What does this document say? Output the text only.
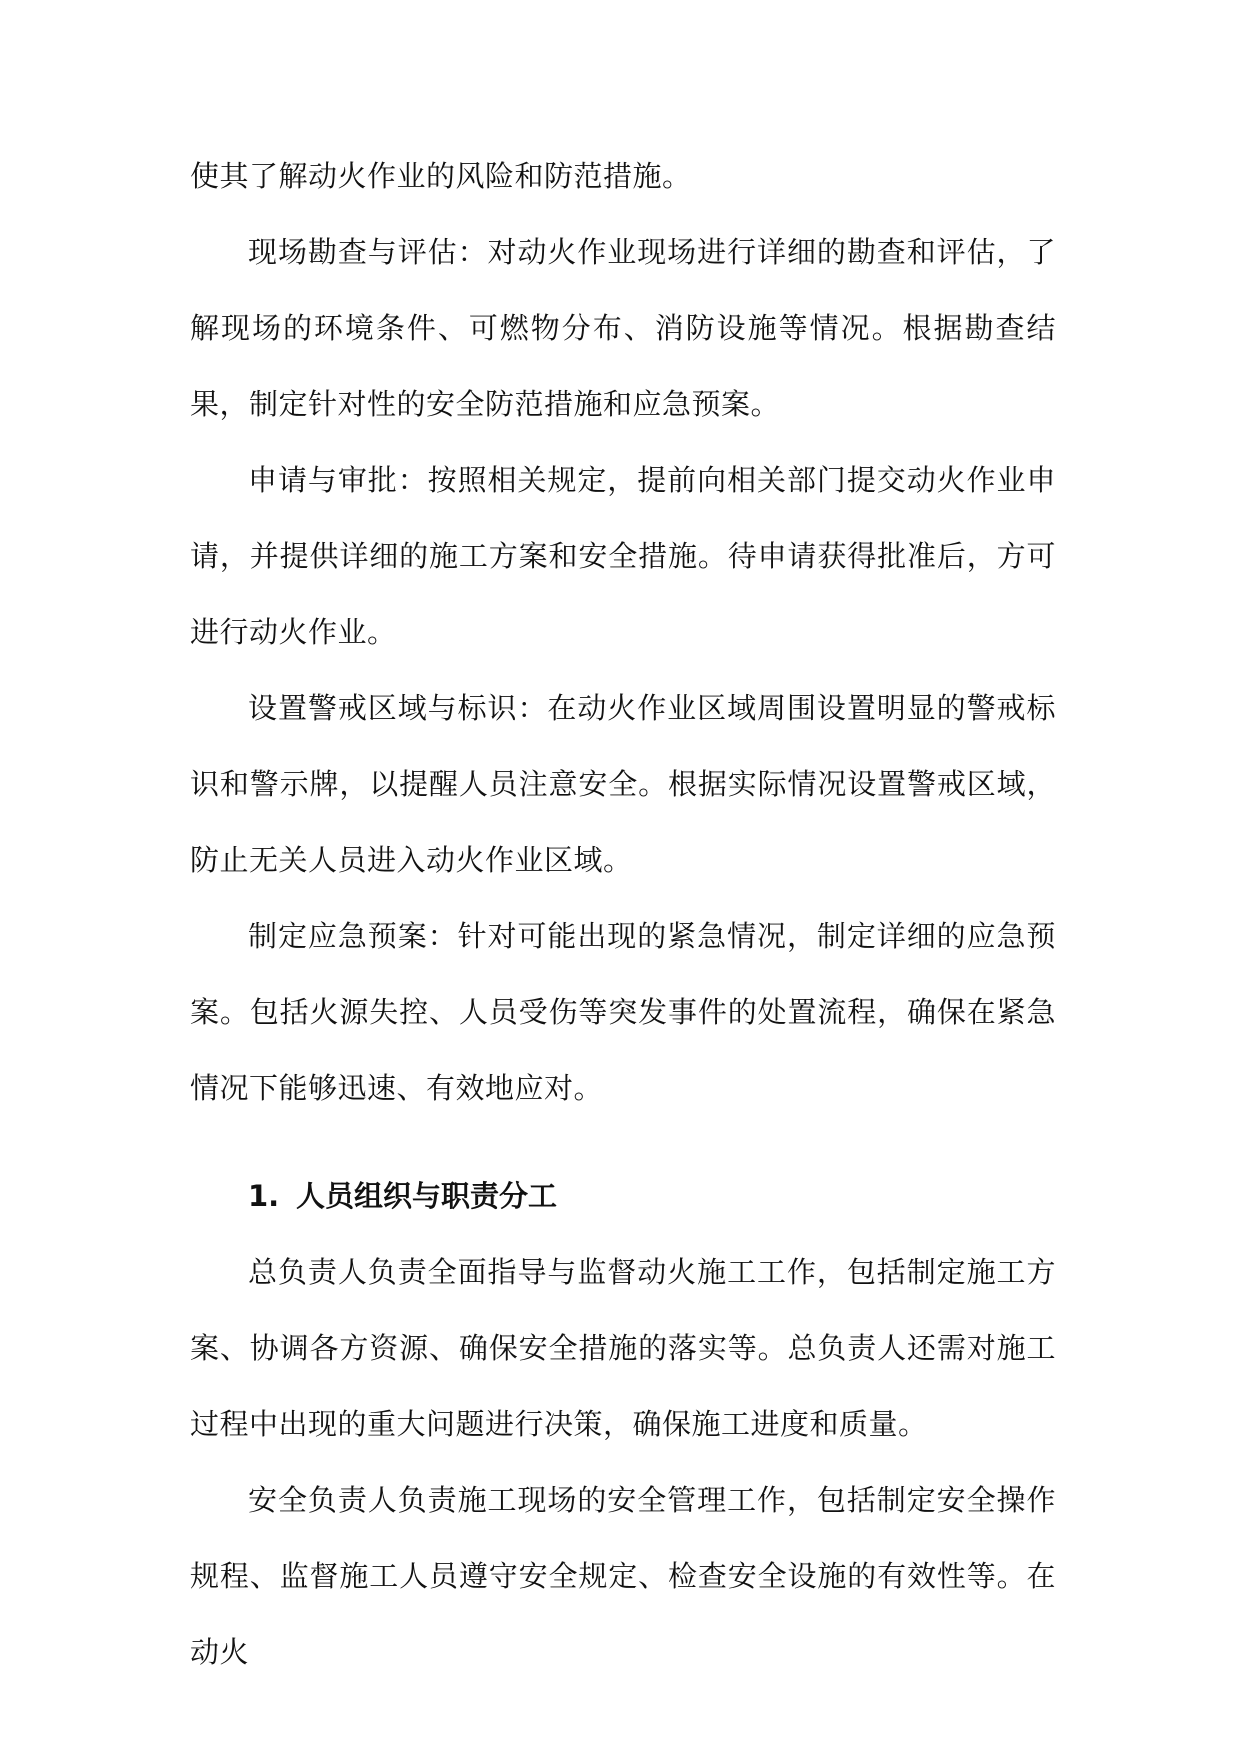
使其了解动火作业的风险和防范措施。

现场勘查与评估：对动火作业现场进行详细的勘查和评估，了解现场的环境条件、可燃物分布、消防设施等情况。根据勘查结果，制定针对性的安全防范措施和应急预案。

申请与审批：按照相关规定，提前向相关部门提交动火作业申请，并提供详细的施工方案和安全措施。待申请获得批准后，方可进行动火作业。

设置警戒区域与标识：在动火作业区域周围设置明显的警戒标识和警示牌，以提醒人员注意安全。根据实际情况设置警戒区域，防止无关人员进入动火作业区域。

制定应急预案：针对可能出现的紧急情况，制定详细的应急预案。包括火源失控、人员受伤等突发事件的处置流程，确保在紧急情况下能够迅速、有效地应对。

1. 人员组织与职责分工

总负责人负责全面指导与监督动火施工工作，包括制定施工方案、协调各方资源、确保安全措施的落实等。总负责人还需对施工过程中出现的重大问题进行决策，确保施工进度和质量。

安全负责人负责施工现场的安全管理工作，包括制定安全操作规程、监督施工人员遵守安全规定、检查安全设施的有效性等。在动火
